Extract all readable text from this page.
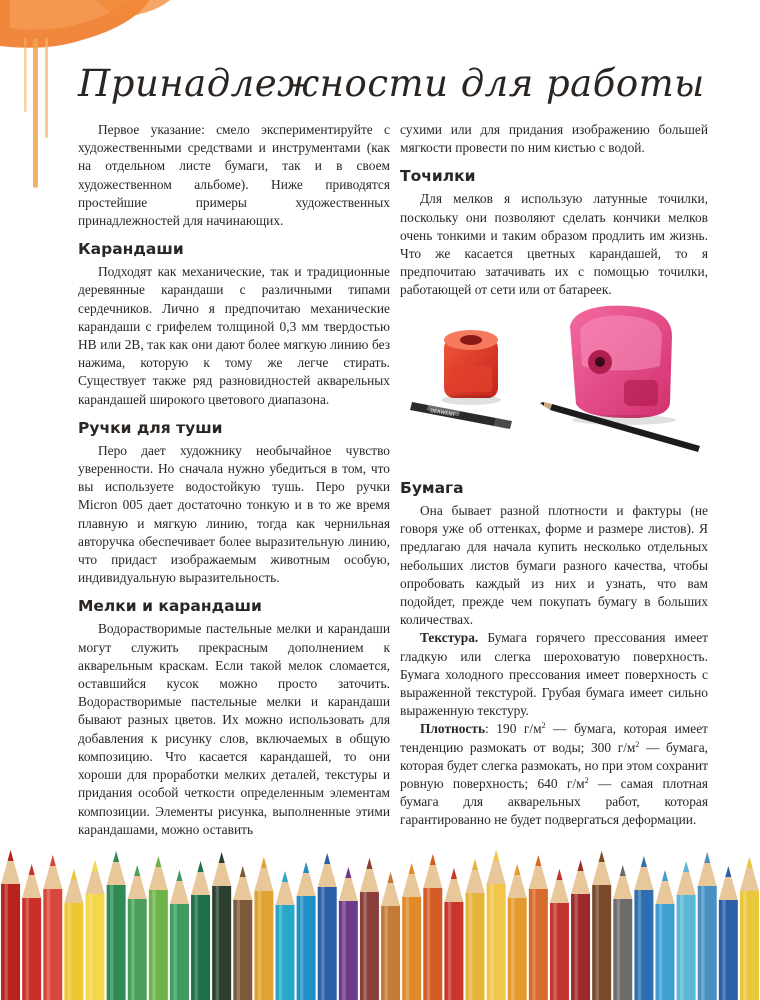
Принадлежности для работы

Первое указание: смело экспериментируйте с художественными средствами и инструментами (как на отдельном листе бумаги, так и в своем художественном альбоме). Ниже приводятся простейшие примеры художественных принадлежностей для начинающих.

Карандаши

Подходят как механические, так и традиционные деревянные карандаши с различными типами сердечников. Лично я предпочитаю механические карандаши с грифелем толщиной 0,3 мм твердостью HB или 2B, так как они дают более мягкую линию без нажима, которую к тому же легче стирать. Существует также ряд разновидностей акварельных карандашей широкого цветового диапазона.

Ручки для туши

Перо дает художнику необычайное чувство уверенности. Но сначала нужно убедиться в том, что вы используете водостойкую тушь. Перо ручки Micron 005 дает достаточно тонкую и в то же время плавную и мягкую линию, тогда как чернильная авторучка обеспечивает более выразительную линию, что придаст изображаемым животным особую, индивидуальную выразительность.

Мелки и карандаши

Водорастворимые пастельные мелки и карандаши могут служить прекрасным дополнением к акварельным краскам. Если такой мелок сломается, оставшийся кусок можно просто заточить. Водорастворимые пастельные мелки и карандаши бывают разных цветов. Их можно использовать для добавления к рисунку слов, включаемых в общую композицию. Что касается карандашей, то они хороши для проработки мелких деталей, текстуры и придания особой четкости определенным элементам композиции. Элементы рисунка, выполненные этими карандашами, можно оставить

сухими или для придания изображению большей мягкости провести по ним кистью с водой.

Точилки

Для мелков я использую латунные точилки, поскольку они позволяют сделать кончики мелков очень тонкими и таким образом продлить им жизнь. Что же касается цветных карандашей, то я предпочитаю затачивать их с помощью точилки, работающей от сети или от батареек.

DERWENT
Бумага

Она бывает разной плотности и фактуры (не говоря уже об оттенках, форме и размере листов). Я предлагаю для начала купить несколько отдельных небольших листов бумаги разного качества, чтобы опробовать каждый из них и узнать, что вам подойдет, прежде чем покупать бумагу в больших количествах.

Текстура. Бумага горячего прессования имеет гладкую или слегка шероховатую поверхность. Бумага холодного прессования имеет поверхность с выраженной текстурой. Грубая бумага имеет сильно выраженную текстуру.

Плотность: 190 $г/м^2$ — бумага, которая имеет тенденцию размокать от воды; 300 $г/м^2$ — бумага, которая будет слегка размокать, но при этом сохранит ровную поверхность; 640 $г/м^2$ — самая плотная бумага для акварельных работ, которая гарантированно не будет подвергаться деформации.
